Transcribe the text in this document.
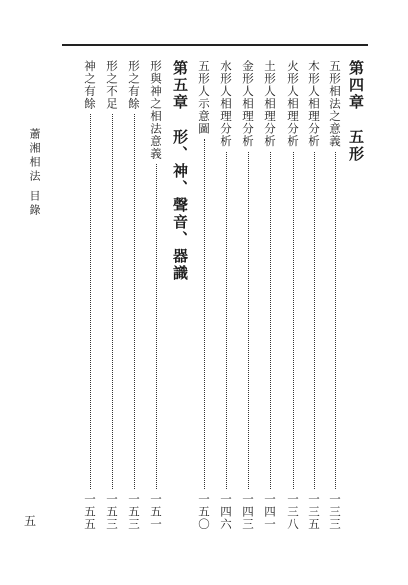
第四章
五形
五形相法之意義
一三三
木形人相理分析
一三五
火形人相理分析
一三八
土形人相理分析
一四一
金形人相理分析
一四三
水形人相理分析
一四六
五形人示意圖
一五〇
第五章
形、神、聲音、器識
形與神之相法意義
一五一
形之有餘
一五三
形之不足
一五三
神之有餘
一五五
蕭湘相法
目錄
五
